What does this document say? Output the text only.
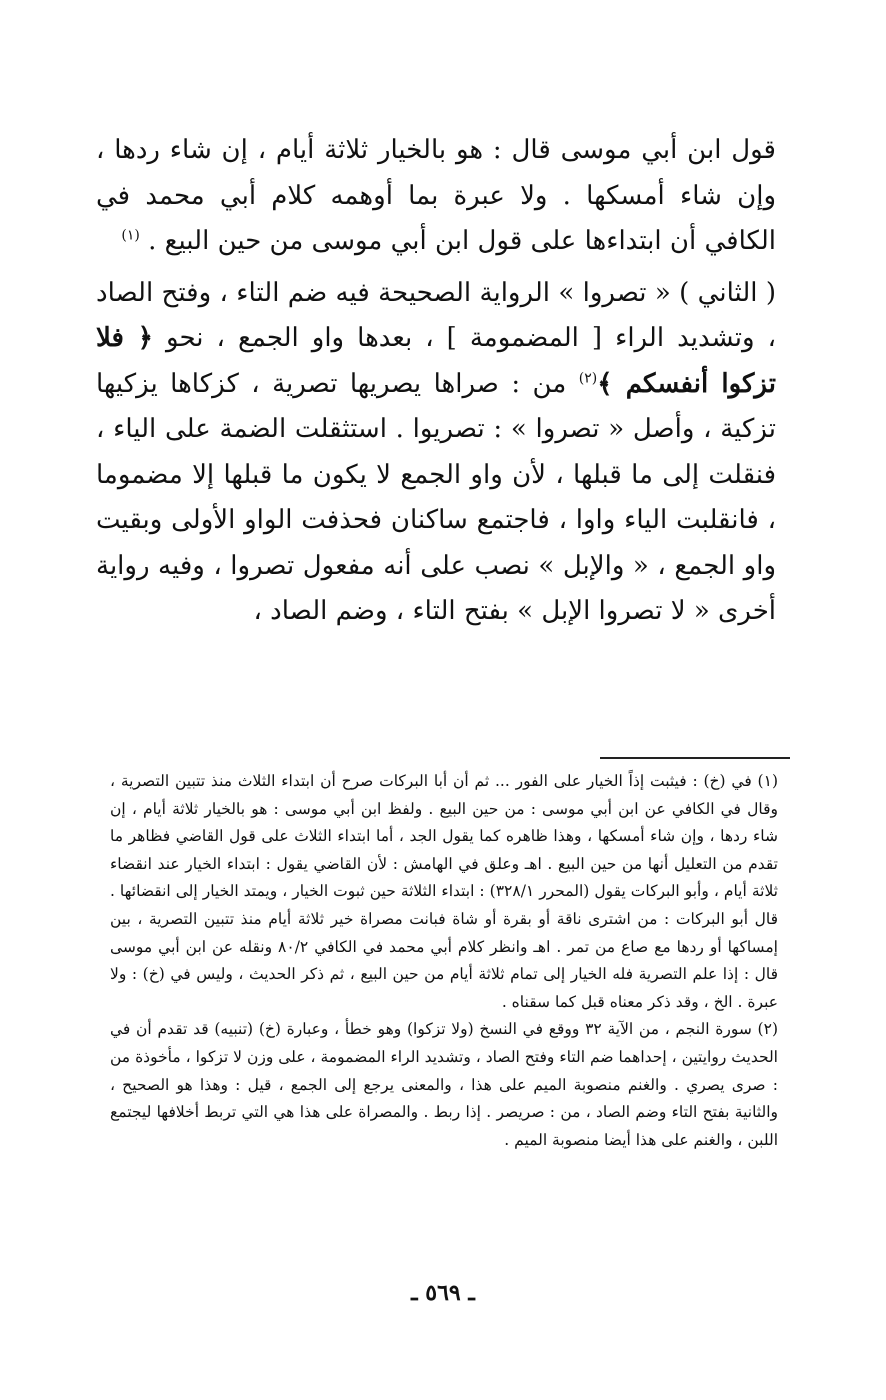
قول ابن أبي موسى قال : هو بالخيار ثلاثة أيام ، إن شاء ردها ، وإن شاء أمسكها . ولا عبرة بما أوهمه كلام أبي محمد في الكافي أن ابتداءها على قول ابن أبي موسى من حين البيع . $^{(١)}$

( الثاني ) « تصروا » الرواية الصحيحة فيه ضم التاء ، وفتح الصاد ، وتشديد الراء [ المضمومة ] ، بعدها واو الجمع ، نحو ﴿ فلا تزكوا أنفسكم ﴾$^{(٢)}$ من : صراها يصريها تصرية ، كزكاها يزكيها تزكية ، وأصل « تصروا » : تصريوا . استثقلت الضمة على الياء ، فنقلت إلى ما قبلها ، لأن واو الجمع لا يكون ما قبلها إلا مضموما ، فانقلبت الياء واوا ، فاجتمع ساكنان فحذفت الواو الأولى وبقيت واو الجمع ، « والإبل » نصب على أنه مفعول تصروا ، وفيه رواية أخرى « لا تصروا الإبل » بفتح التاء ، وضم الصاد ،

(١) في (خ) : فيثبت إذاً الخيار على الفور ... ثم أن أبا البركات صرح أن ابتداء الثلاث منذ تتبين التصرية ، وقال في الكافي عن ابن أبي موسى : من حين البيع . ولفظ ابن أبي موسى : هو بالخيار ثلاثة أيام ، إن شاء ردها ، وإن شاء أمسكها ، وهذا ظاهره كما يقول الجد ، أما ابتداء الثلاث على قول القاضي فظاهر ما تقدم من التعليل أنها من حين البيع . اهـ وعلق في الهامش : لأن القاضي يقول : ابتداء الخيار عند انقضاء ثلاثة أيام ، وأبو البركات يقول (المحرر ٣٢٨/١) : ابتداء الثلاثة حين ثبوت الخيار ، ويمتد الخيار إلى انقضائها . قال أبو البركات : من اشترى ناقة أو بقرة أو شاة فبانت مصراة خير ثلاثة أيام منذ تتبين التصرية ، بين إمساكها أو ردها مع صاع من تمر . اهـ وانظر كلام أبي محمد في الكافي ٨٠/٢ ونقله عن ابن أبي موسى قال : إذا علم التصرية فله الخيار إلى تمام ثلاثة أيام من حين البيع ، ثم ذكر الحديث ، وليس في (خ) : ولا عبرة . الخ ، وقد ذكر معناه قبل كما سقناه .

(٢) سورة النجم ، من الآية ٣٢ ووقع في النسخ (ولا تزكوا) وهو خطأ ، وعبارة (خ) (تنبيه) قد تقدم أن في الحديث روايتين ، إحداهما ضم التاء وفتح الصاد ، وتشديد الراء المضمومة ، على وزن لا تزكوا ، مأخوذة من : صرى يصري . والغنم منصوبة الميم على هذا ، والمعنى يرجع إلى الجمع ، قيل : وهذا هو الصحيح ، والثانية بفتح التاء وضم الصاد ، من : صريصر . إذا ربط . والمصراة على هذا هي التي تربط أخلافها ليجتمع اللبن ، والغنم على هذا أيضا منصوبة الميم .

ـ ٥٦٩ ـ
